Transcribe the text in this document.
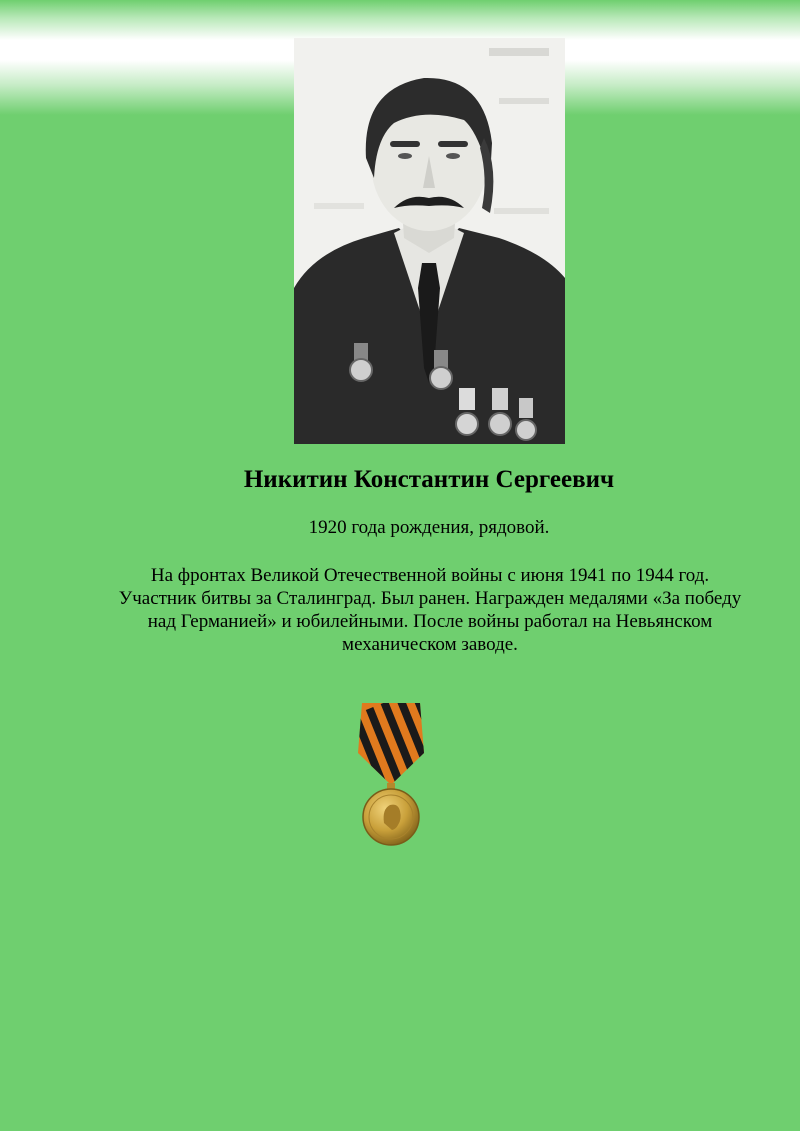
Никитин Константин Сергеевич
1920 года рождения, рядовой.
На фронтах Великой Отечественной войны с июня 1941 по 1944 год. Участник битвы за Сталинград. Был ранен. Награжден медалями «За победу над Германией» и юбилейными. После войны работал на Невьянском механическом заводе.
